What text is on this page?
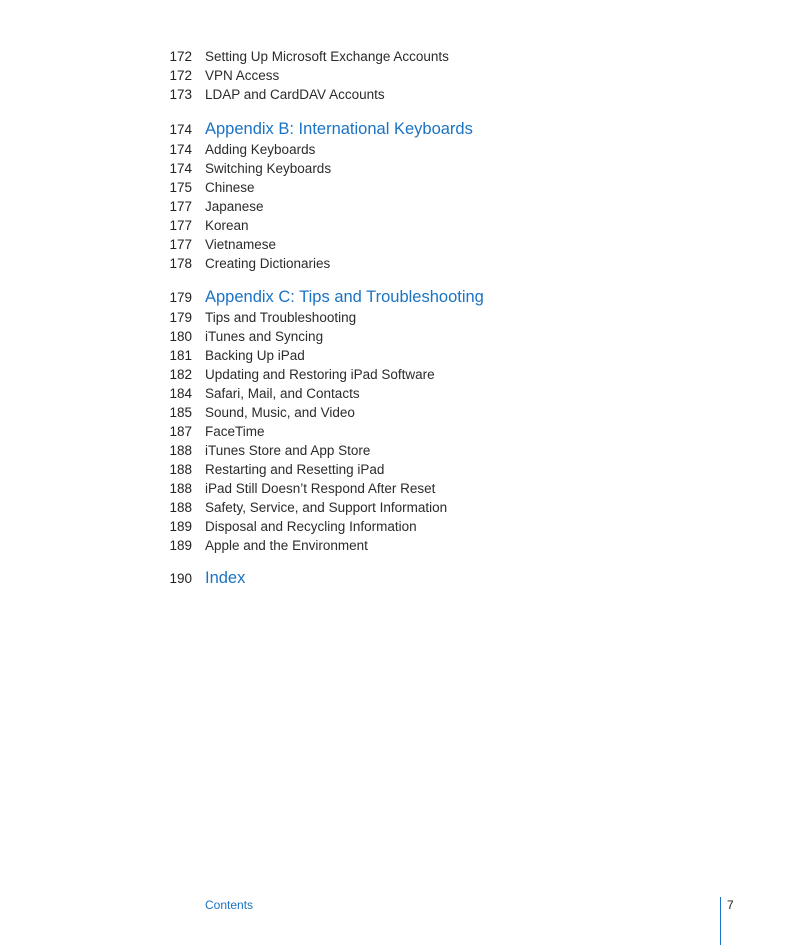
172 Setting Up Microsoft Exchange Accounts
172 VPN Access
173 LDAP and CardDAV Accounts
174 Appendix B: International Keyboards
174 Adding Keyboards
174 Switching Keyboards
175 Chinese
177 Japanese
177 Korean
177 Vietnamese
178 Creating Dictionaries
179 Appendix C: Tips and Troubleshooting
179 Tips and Troubleshooting
180 iTunes and Syncing
181 Backing Up iPad
182 Updating and Restoring iPad Software
184 Safari, Mail, and Contacts
185 Sound, Music, and Video
187 FaceTime
188 iTunes Store and App Store
188 Restarting and Resetting iPad
188 iPad Still Doesn’t Respond After Reset
188 Safety, Service, and Support Information
189 Disposal and Recycling Information
189 Apple and the Environment
190 Index
Contents	7
